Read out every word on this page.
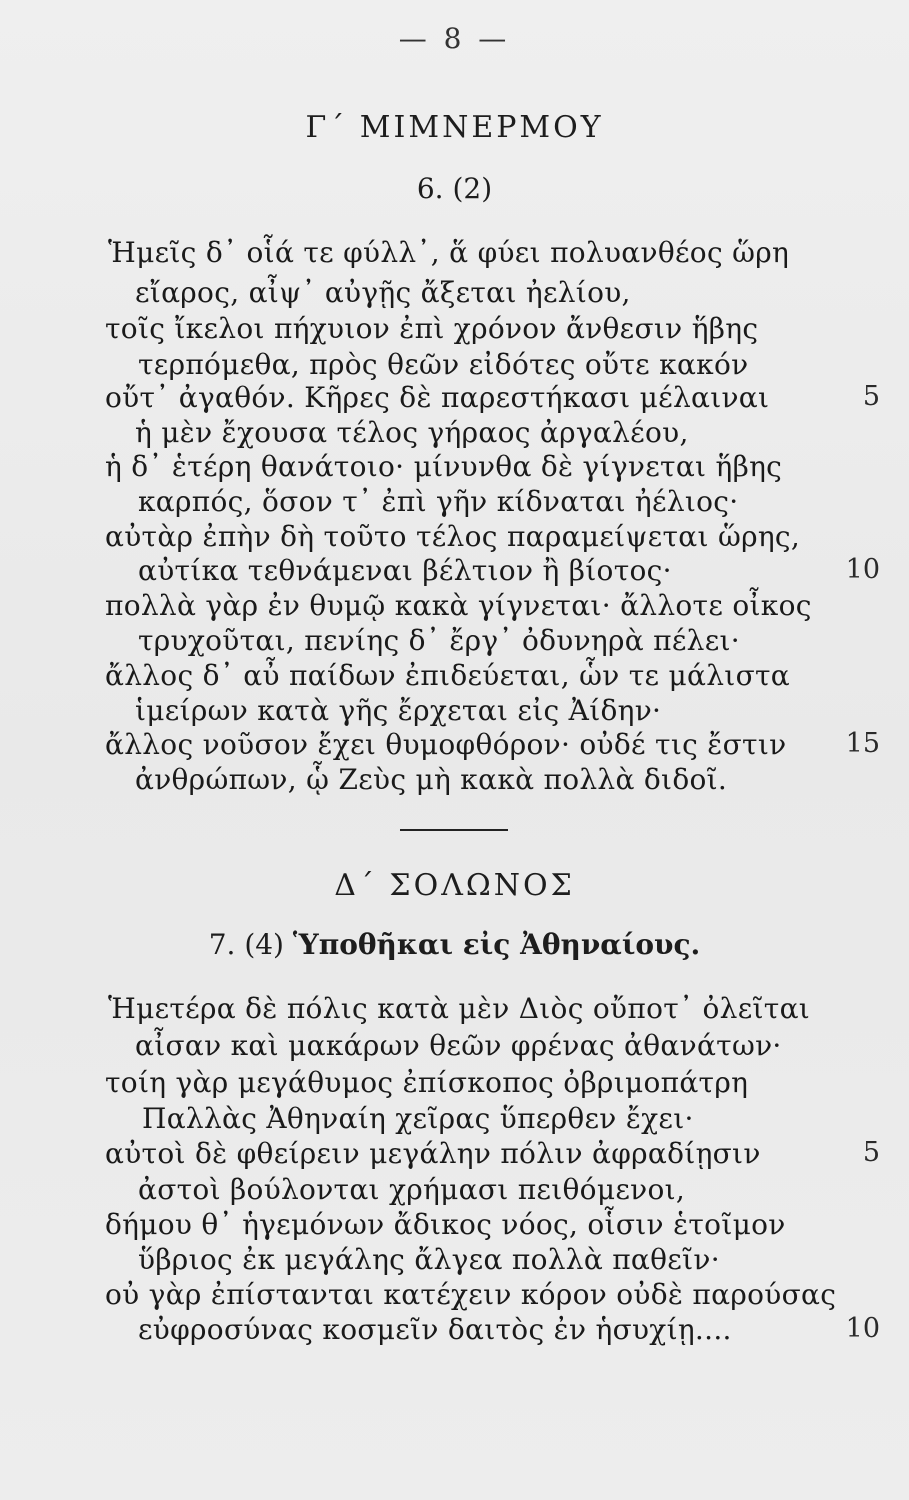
— 8 —
Γ΄ ΜΙΜΝΕΡΜΟΥ
6. (2)
Ἡμεῖς δ᾽ οἷά τε φύλλ᾽, ἅ φύει πολυανθέος ὥρη
εἴαρος, αἶψ᾽ αὐγῇς ἄξεται ἠελίου,
τοῖς ἴκελοι πήχυιον ἐπὶ χρόνον ἄνθεσιν ἥβης
τερπόμεθα, πρὸς θεῶν εἰδότες οὔτε κακόν
οὔτ᾽ ἀγαθόν. Κῆρες δὲ παρεστήκασι μέλαιναι	5
ἡ μὲν ἔχουσα τέλος γήραος ἀργαλέου,
ἡ δ᾽ ἑτέρη θανάτοιο· μίνυνθα δὲ γίγνεται ἥβης
καρπός, ὅσον τ᾽ ἐπὶ γῆν κίδναται ἠέλιος·
αὐτὰρ ἐπὴν δὴ τοῦτο τέλος παραμείψεται ὥρης,
αὐτίκα τεθνάμεναι βέλτιον ἢ βίοτος·	10
πολλὰ γὰρ ἐν θυμῷ κακὰ γίγνεται· ἄλλοτε οἶκος
τρυχοῦται, πενίης δ᾽ ἔργ᾽ ὀδυνηρὰ πέλει·
ἄλλος δ᾽ αὖ παίδων ἐπιδεύεται, ὧν τε μάλιστα
ἱμείρων κατὰ γῆς ἔρχεται εἰς Ἀίδην·
ἄλλος νοῦσον ἔχει θυμοφθόρον· οὐδέ τις ἔστιν	15
ἀνθρώπων, ᾧ Ζεὺς μὴ κακὰ πολλὰ διδοῖ.
Δ΄ ΣΟΛΩΝΟΣ
7. (4) Ὑποθῆκαι εἰς Ἀθηναίους.
Ἡμετέρα δὲ πόλις κατὰ μὲν Διὸς οὔποτ᾽ ὀλεῖται
αἶσαν καὶ μακάρων θεῶν φρένας ἀθανάτων·
τοίη γὰρ μεγάθυμος ἐπίσκοπος ὀβριμοπάτρη
Παλλὰς Ἀθηναίη χεῖρας ὕπερθεν ἔχει·
αὐτοὶ δὲ φθείρειν μεγάλην πόλιν ἀφραδίῃσιν	5
ἀστοὶ βούλονται χρήμασι πειθόμενοι,
δήμου θ᾽ ἡγεμόνων ἄδικος νόος, οἷσιν ἑτοῖμον
ὕβριος ἐκ μεγάλης ἄλγεα πολλὰ παθεῖν·
οὐ γὰρ ἐπίστανται κατέχειν κόρον οὐδὲ παρούσας
εὐφροσύνας κοσμεῖν δαιτὸς ἐν ἡσυχίῃ....	10
